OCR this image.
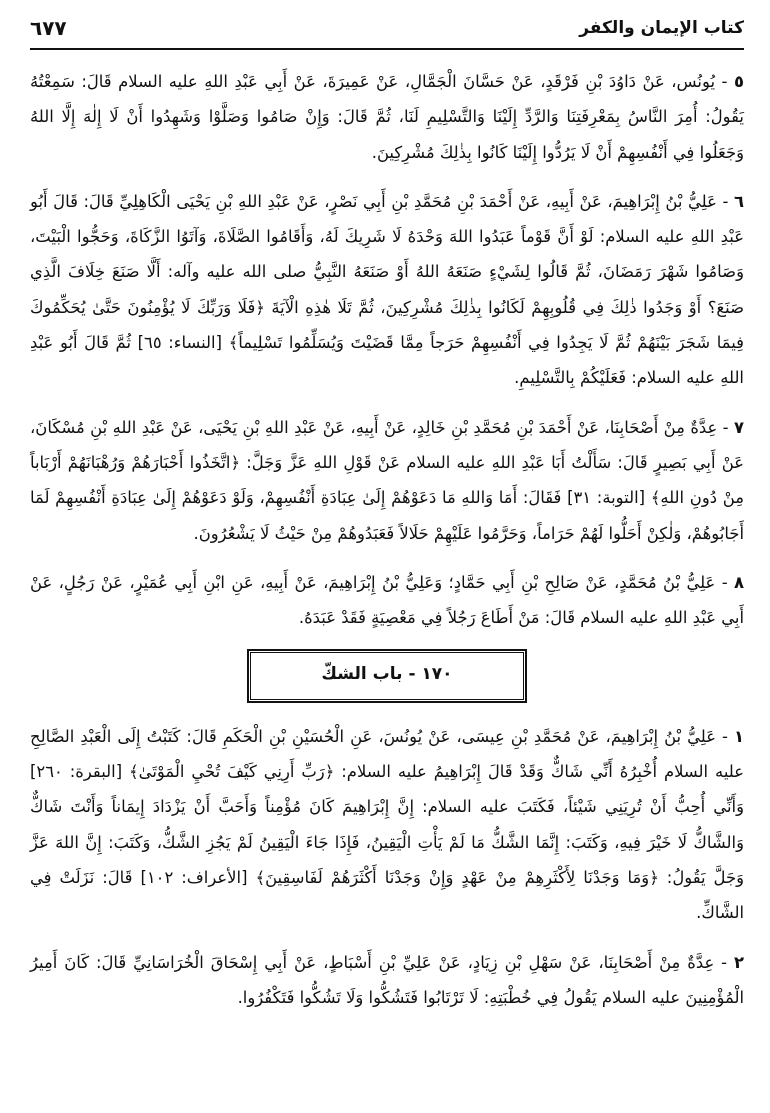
كتاب الإيمان والكفر
٦٧٧

٥ - يُونُس، عَنْ دَاوُدَ بْنِ فَرْقَدٍ، عَنْ حَسَّانَ الْجَمَّالِ، عَنْ عَمِيرَةَ، عَنْ أَبِي عَبْدِ اللهِ عليه السلام قَالَ: سَمِعْتُهُ يَقُولُ: أُمِرَ النَّاسُ بِمَعْرِفَتِنَا وَالرَّدِّ إِلَيْنَا وَالتَّسْلِيمِ لَنَا، ثُمَّ قَالَ: وَإِنْ صَامُوا وَصَلَّوْا وَشَهِدُوا أَنْ لَا إِلٰهَ إِلَّا اللهُ وَجَعَلُوا فِي أَنْفُسِهِمْ أَنْ لَا يَرُدُّوا إِلَيْنَا كَانُوا بِذٰلِكَ مُشْرِكِينَ.

٦ - عَلِيُّ بْنُ إِبْرَاهِيمَ، عَنْ أَبِيهِ، عَنْ أَحْمَدَ بْنِ مُحَمَّدِ بْنِ أَبِي نَصْرٍ، عَنْ عَبْدِ اللهِ بْنِ يَحْيَى الْكَاهِلِيِّ قَالَ: قَالَ أَبُو عَبْدِ اللهِ عليه السلام: لَوْ أَنَّ قَوْماً عَبَدُوا اللهَ وَحْدَهُ لَا شَرِيكَ لَهُ، وَأَقَامُوا الصَّلَاةَ، وَآتَوُا الزَّكَاةَ، وَحَجُّوا الْبَيْتَ، وَصَامُوا شَهْرَ رَمَضَانَ، ثُمَّ قَالُوا لِشَيْءٍ صَنَعَهُ اللهُ أَوْ صَنَعَهُ النَّبِيُّ صلى الله عليه وآله: أَلَّا صَنَعَ خِلَافَ الَّذِي صَنَعَ؟ أَوْ وَجَدُوا ذٰلِكَ فِي قُلُوبِهِمْ لَكَانُوا بِذٰلِكَ مُشْرِكِينَ، ثُمَّ تَلَا هٰذِهِ الْآيَةَ ﴿فَلَا وَرَبِّكَ لَا يُؤْمِنُونَ حَتَّىٰ يُحَكِّمُوكَ فِيمَا شَجَرَ بَيْنَهُمْ ثُمَّ لَا يَجِدُوا فِي أَنْفُسِهِمْ حَرَجاً مِمَّا قَضَيْتَ وَيُسَلِّمُوا تَسْلِيماً﴾ [النساء: ٦٥] ثُمَّ قَالَ أَبُو عَبْدِ اللهِ عليه السلام: فَعَلَيْكُمْ بِالتَّسْلِيمِ.

٧ - عِدَّةٌ مِنْ أَصْحَابِنَا، عَنْ أَحْمَدَ بْنِ مُحَمَّدِ بْنِ خَالِدٍ، عَنْ أَبِيهِ، عَنْ عَبْدِ اللهِ بْنِ يَحْيَى، عَنْ عَبْدِ اللهِ بْنِ مُسْكَانَ، عَنْ أَبِي بَصِيرٍ قَالَ: سَأَلْتُ أَبَا عَبْدِ اللهِ عليه السلام عَنْ قَوْلِ اللهِ عَزَّ وَجَلَّ: ﴿اتَّخَذُوا أَحْبَارَهُمْ وَرُهْبَانَهُمْ أَرْبَاباً مِنْ دُونِ اللهِ﴾ [التوبة: ٣١] فَقَالَ: أَمَا وَاللهِ مَا دَعَوْهُمْ إِلَىٰ عِبَادَةِ أَنْفُسِهِمْ، وَلَوْ دَعَوْهُمْ إِلَىٰ عِبَادَةِ أَنْفُسِهِمْ لَمَا أَجَابُوهُمْ، وَلٰكِنْ أَحَلُّوا لَهُمْ حَرَاماً، وَحَرَّمُوا عَلَيْهِمْ حَلَالاً فَعَبَدُوهُمْ مِنْ حَيْثُ لَا يَشْعُرُونَ.

٨ - عَلِيُّ بْنُ مُحَمَّدٍ، عَنْ صَالِحِ بْنِ أَبِي حَمَّادٍ؛ وَعَلِيُّ بْنُ إِبْرَاهِيمَ، عَنْ أَبِيهِ، عَنِ ابْنِ أَبِي عُمَيْرٍ، عَنْ رَجُلٍ، عَنْ أَبِي عَبْدِ اللهِ عليه السلام قَالَ: مَنْ أَطَاعَ رَجُلاً فِي مَعْصِيَةٍ فَقَدْ عَبَدَهُ.

١٧٠ - باب الشكّ

١ - عَلِيُّ بْنُ إِبْرَاهِيمَ، عَنْ مُحَمَّدِ بْنِ عِيسَى، عَنْ يُونُسَ، عَنِ الْحُسَيْنِ بْنِ الْحَكَمِ قَالَ: كَتَبْتُ إِلَى الْعَبْدِ الصَّالِحِ عليه السلام أُخْبِرُهُ أَنِّي شَاكٌّ وَقَدْ قَالَ إِبْرَاهِيمُ عليه السلام: ﴿رَبِّ أَرِنِي كَيْفَ تُحْيِ الْمَوْتَىٰ﴾ [البقرة: ٢٦٠] وَأَنِّي أُحِبُّ أَنْ تُرِيَنِي شَيْئاً، فَكَتَبَ عليه السلام: إِنَّ إِبْرَاهِيمَ كَانَ مُؤْمِناً وَأَحَبَّ أَنْ يَزْدَادَ إِيمَاناً وَأَنْتَ شَاكٌّ وَالشَّاكُّ لَا خَيْرَ فِيهِ، وَكَتَبَ: إِنَّمَا الشَّكُّ مَا لَمْ يَأْتِ الْيَقِينُ، فَإِذَا جَاءَ الْيَقِينُ لَمْ يَجُزِ الشَّكُّ، وَكَتَبَ: إِنَّ اللهَ عَزَّ وَجَلَّ يَقُولُ: ﴿وَمَا وَجَدْنَا لِأَكْثَرِهِمْ مِنْ عَهْدٍ وَإِنْ وَجَدْنَا أَكْثَرَهُمْ لَفَاسِقِينَ﴾ [الأعراف: ١٠٢] قَالَ: نَزَلَتْ فِي الشَّاكِّ.

٢ - عِدَّةٌ مِنْ أَصْحَابِنَا، عَنْ سَهْلِ بْنِ زِيَادٍ، عَنْ عَلِيِّ بْنِ أَسْبَاطٍ، عَنْ أَبِي إِسْحَاقَ الْخُرَاسَانِيِّ قَالَ: كَانَ أَمِيرُ الْمُؤْمِنِينَ عليه السلام يَقُولُ فِي خُطْبَتِهِ: لَا تَرْتَابُوا فَتَشُكُّوا وَلَا تَشُكُّوا فَتَكْفُرُوا.
